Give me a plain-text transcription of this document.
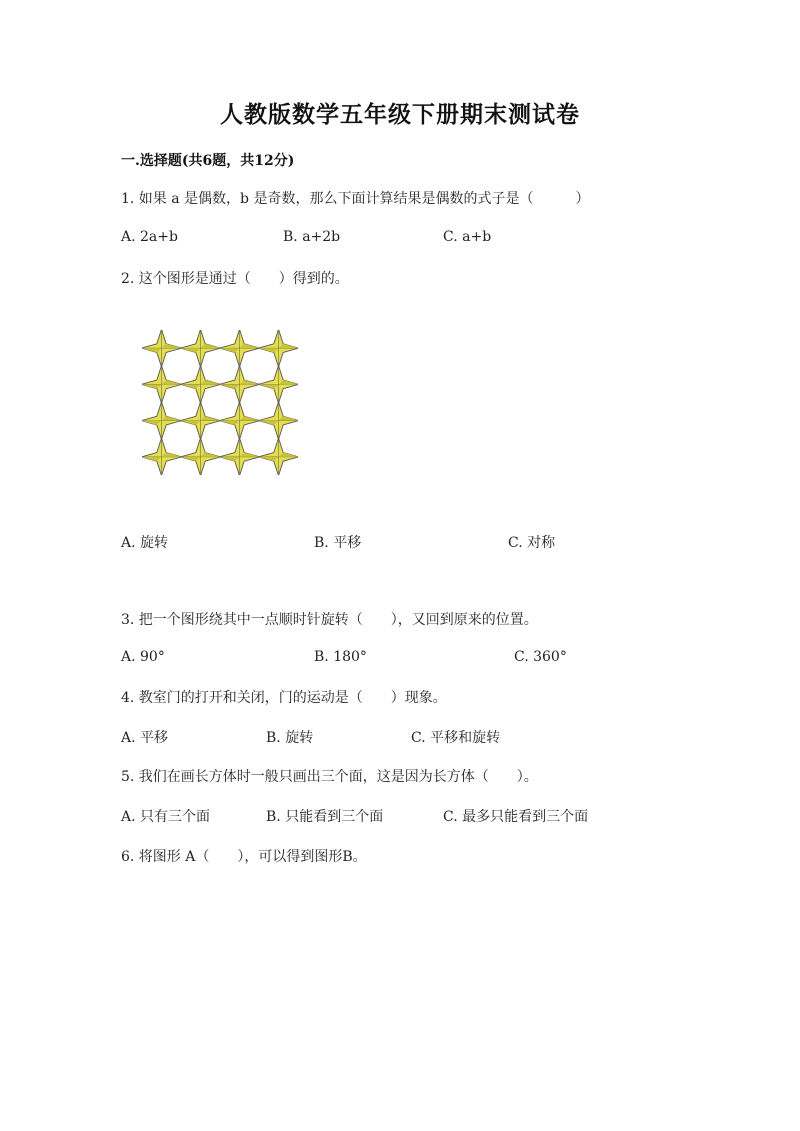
人教版数学五年级下册期末测试卷
一.选择题(共6题，共12分)
1. 如果 a 是偶数，b 是奇数，那么下面计算结果是偶数的式子是（　　　）
A. 2a+b	B. a+2b	C. a+b
2. 这个图形是通过（　　）得到的。
A. 旋转	B. 平移	C. 对称
3. 把一个图形绕其中一点顺时针旋转（　　），又回到原来的位置。
A. 90°	B. 180°	C. 360°
4. 教室门的打开和关闭，门的运动是（　　）现象。
A. 平移	B. 旋转	C. 平移和旋转
5. 我们在画长方体时一般只画出三个面，这是因为长方体（　　）。
A. 只有三个面	B. 只能看到三个面	C. 最多只能看到三个面
6. 将图形 A（　　），可以得到图形B。
